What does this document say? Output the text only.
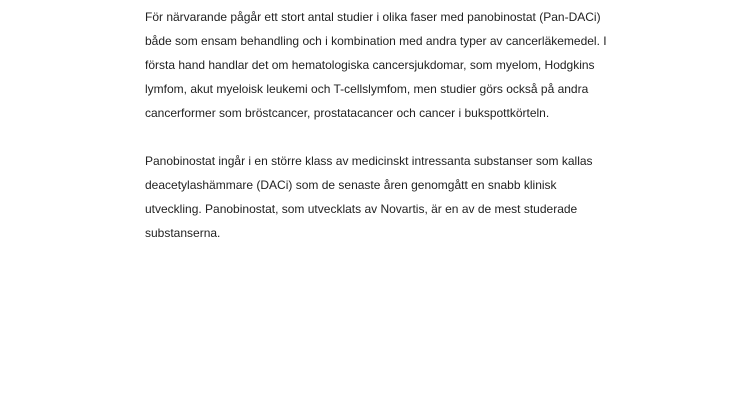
För närvarande pågår ett stort antal studier i olika faser med panobinostat (Pan-DACi) både som ensam behandling och i kombination med andra typer av cancerläkemedel. I första hand handlar det om hematologiska cancersjukdomar, som myelom, Hodgkins lymfom, akut myeloisk leukemi och T-cellslymfom, men studier görs också på andra cancerformer som bröstcancer, prostatacancer och cancer i bukspottkörteln.

Panobinostat ingår i en större klass av medicinskt intressanta substanser som kallas deacetylashämmare (DACi) som de senaste åren genomgått en snabb klinisk utveckling. Panobinostat, som utvecklats av Novartis, är en av de mest studerade substanserna.
